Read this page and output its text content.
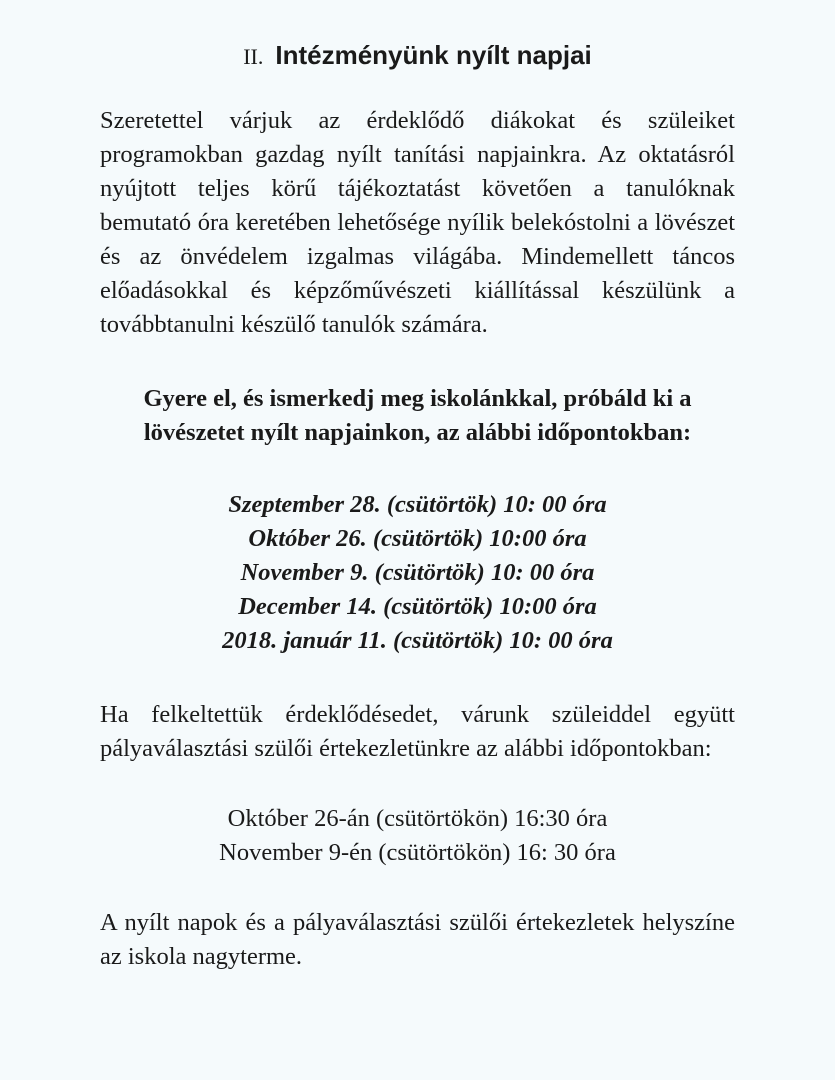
II. Intézményünk nyílt napjai

Szeretettel várjuk az érdeklődő diákokat és szüleiket programokban gazdag nyílt tanítási napjainkra. Az oktatásról nyújtott teljes körű tájékoztatást követően a tanulóknak bemutató óra keretében lehetősége nyílik belekóstolni a lövészet és az önvédelem izgalmas világába. Mindemellett táncos előadásokkal és képzőművészeti kiállítással készülünk a továbbtanulni készülő tanulók számára.

Gyere el, és ismerkedj meg iskolánkkal, próbáld ki a lövészetet nyílt napjainkon, az alábbi időpontokban:

Szeptember 28. (csütörtök) 10: 00 óra
Október 26. (csütörtök) 10:00 óra
November 9. (csütörtök) 10: 00 óra
December 14. (csütörtök) 10:00 óra
2018. január 11. (csütörtök) 10: 00 óra

Ha felkeltettük érdeklődésedet, várunk szüleiddel együtt pályaválasztási szülői értekezletünkre az alábbi időpontokban:

Október 26-án (csütörtökön) 16:30 óra
November 9-én (csütörtökön) 16: 30 óra

A nyílt napok és a pályaválasztási szülői értekezletek helyszíne az iskola nagyterme.
